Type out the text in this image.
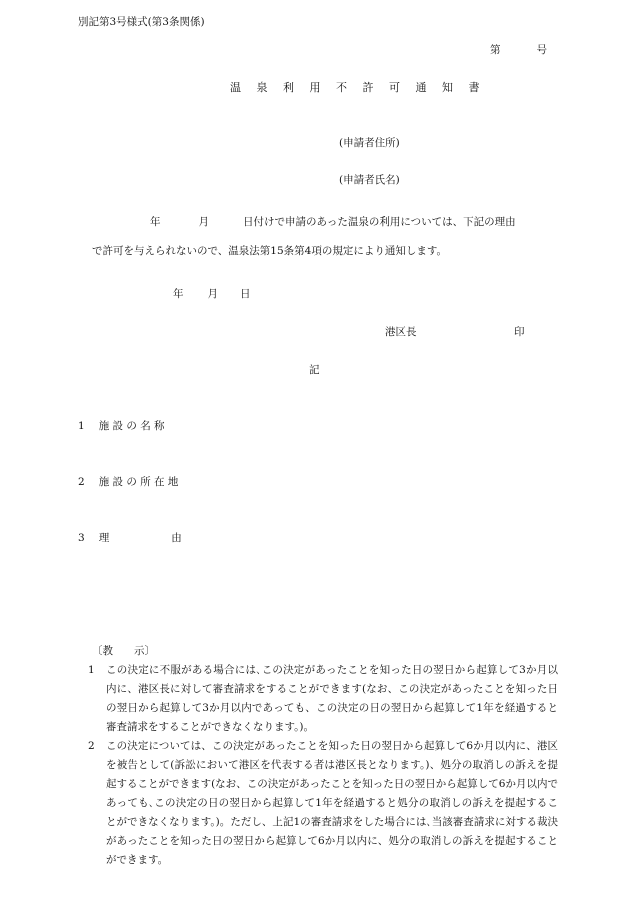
別記第3号様式(第3条関係)
第	号
温 泉 利 用 不 許 可 通 知 書
(申請者住所)
(申請者氏名)
年	月	日付けで申請のあった温泉の利用については、下記の理由
で許可を与えられないので、温泉法第15条第4項の規定により通知します。
年 月 日
港区長	印
記
1 施 設 の 名 称
2 施 設 の 所 在 地
3 理	由
〔教　　示〕
1 この決定に不服がある場合には､この決定があったことを知った日の翌日から起算して3か月以内に、港区長に対して審査請求をすることができます(なお、この決定があったことを知った日の翌日から起算して3か月以内であっても、この決定の日の翌日から起算して1年を経過すると審査請求をすることができなくなります。)。
2 この決定については、この決定があったことを知った日の翌日から起算して6か月以内に、港区を被告として(訴訟において港区を代表する者は港区長となります。)、処分の取消しの訴えを提起することができます(なお、この決定があったことを知った日の翌日から起算して6か月以内であっても､この決定の日の翌日から起算して1年を経過すると処分の取消しの訴えを提起することができなくなります。)。ただし、上記1の審査請求をした場合には､当該審査請求に対する裁決があったことを知った日の翌日から起算して6か月以内に、処分の取消しの訴えを提起することができます。
